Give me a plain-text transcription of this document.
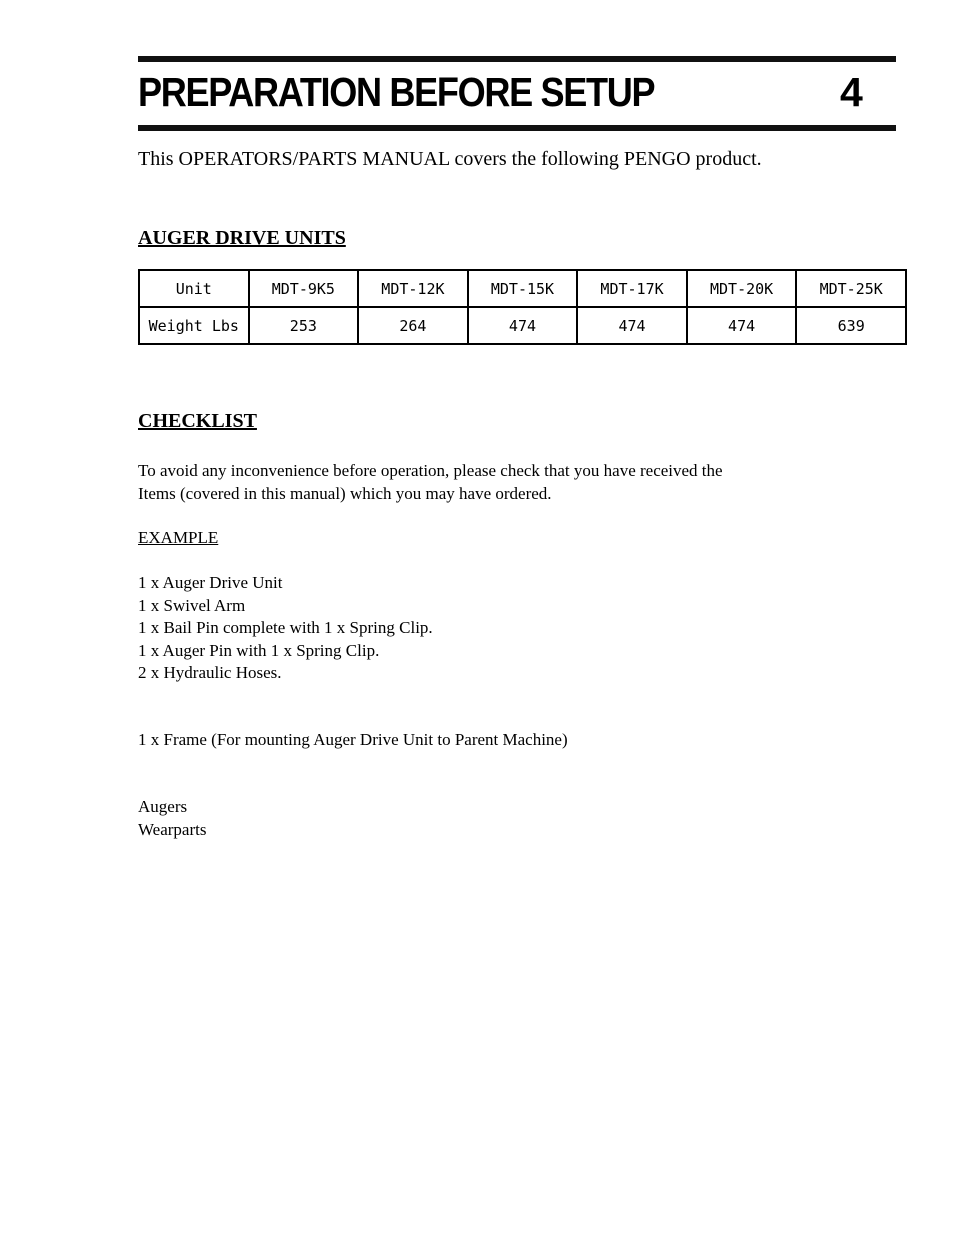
PREPARATION BEFORE SETUP	4
This OPERATORS/PARTS MANUAL covers the following PENGO product.
AUGER DRIVE UNITS
Unit	MDT-9K5	MDT-12K	MDT-15K	MDT-17K	MDT-20K	MDT-25K
Weight Lbs	253	264	474	474	474	639
CHECKLIST
To avoid any inconvenience before operation, please check that you have received the
Items (covered in this manual) which you may have ordered.
EXAMPLE
1 x Auger Drive Unit
1 x Swivel Arm
1 x Bail Pin complete with 1 x Spring Clip.
1 x Auger Pin with 1 x Spring Clip.
2 x Hydraulic Hoses.
1 x Frame (For mounting Auger Drive Unit to Parent Machine)
Augers
Wearparts
